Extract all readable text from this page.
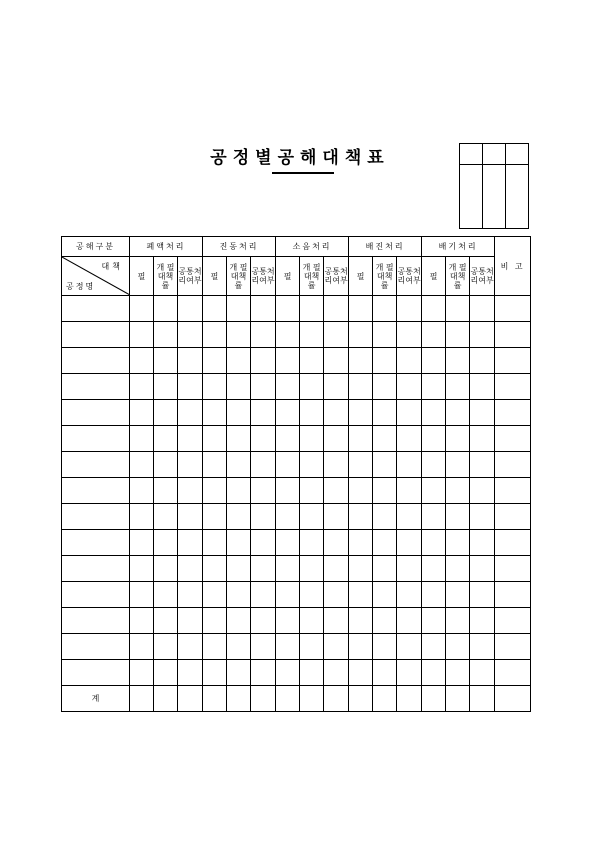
공정별공해대책표

공해구분	폐액처리			진동처리			소음처리			배진처리			배기처리			비 고

대책
공정명	필	개 필 대책률	공통처 리여부	필	개 필 대책률	공통처 리여부	필	개 필 대책률	공통처 리여부	필	개 필 대책률	공통처 리여부	필	개 필 대책률	공통처 리여부	

계																
